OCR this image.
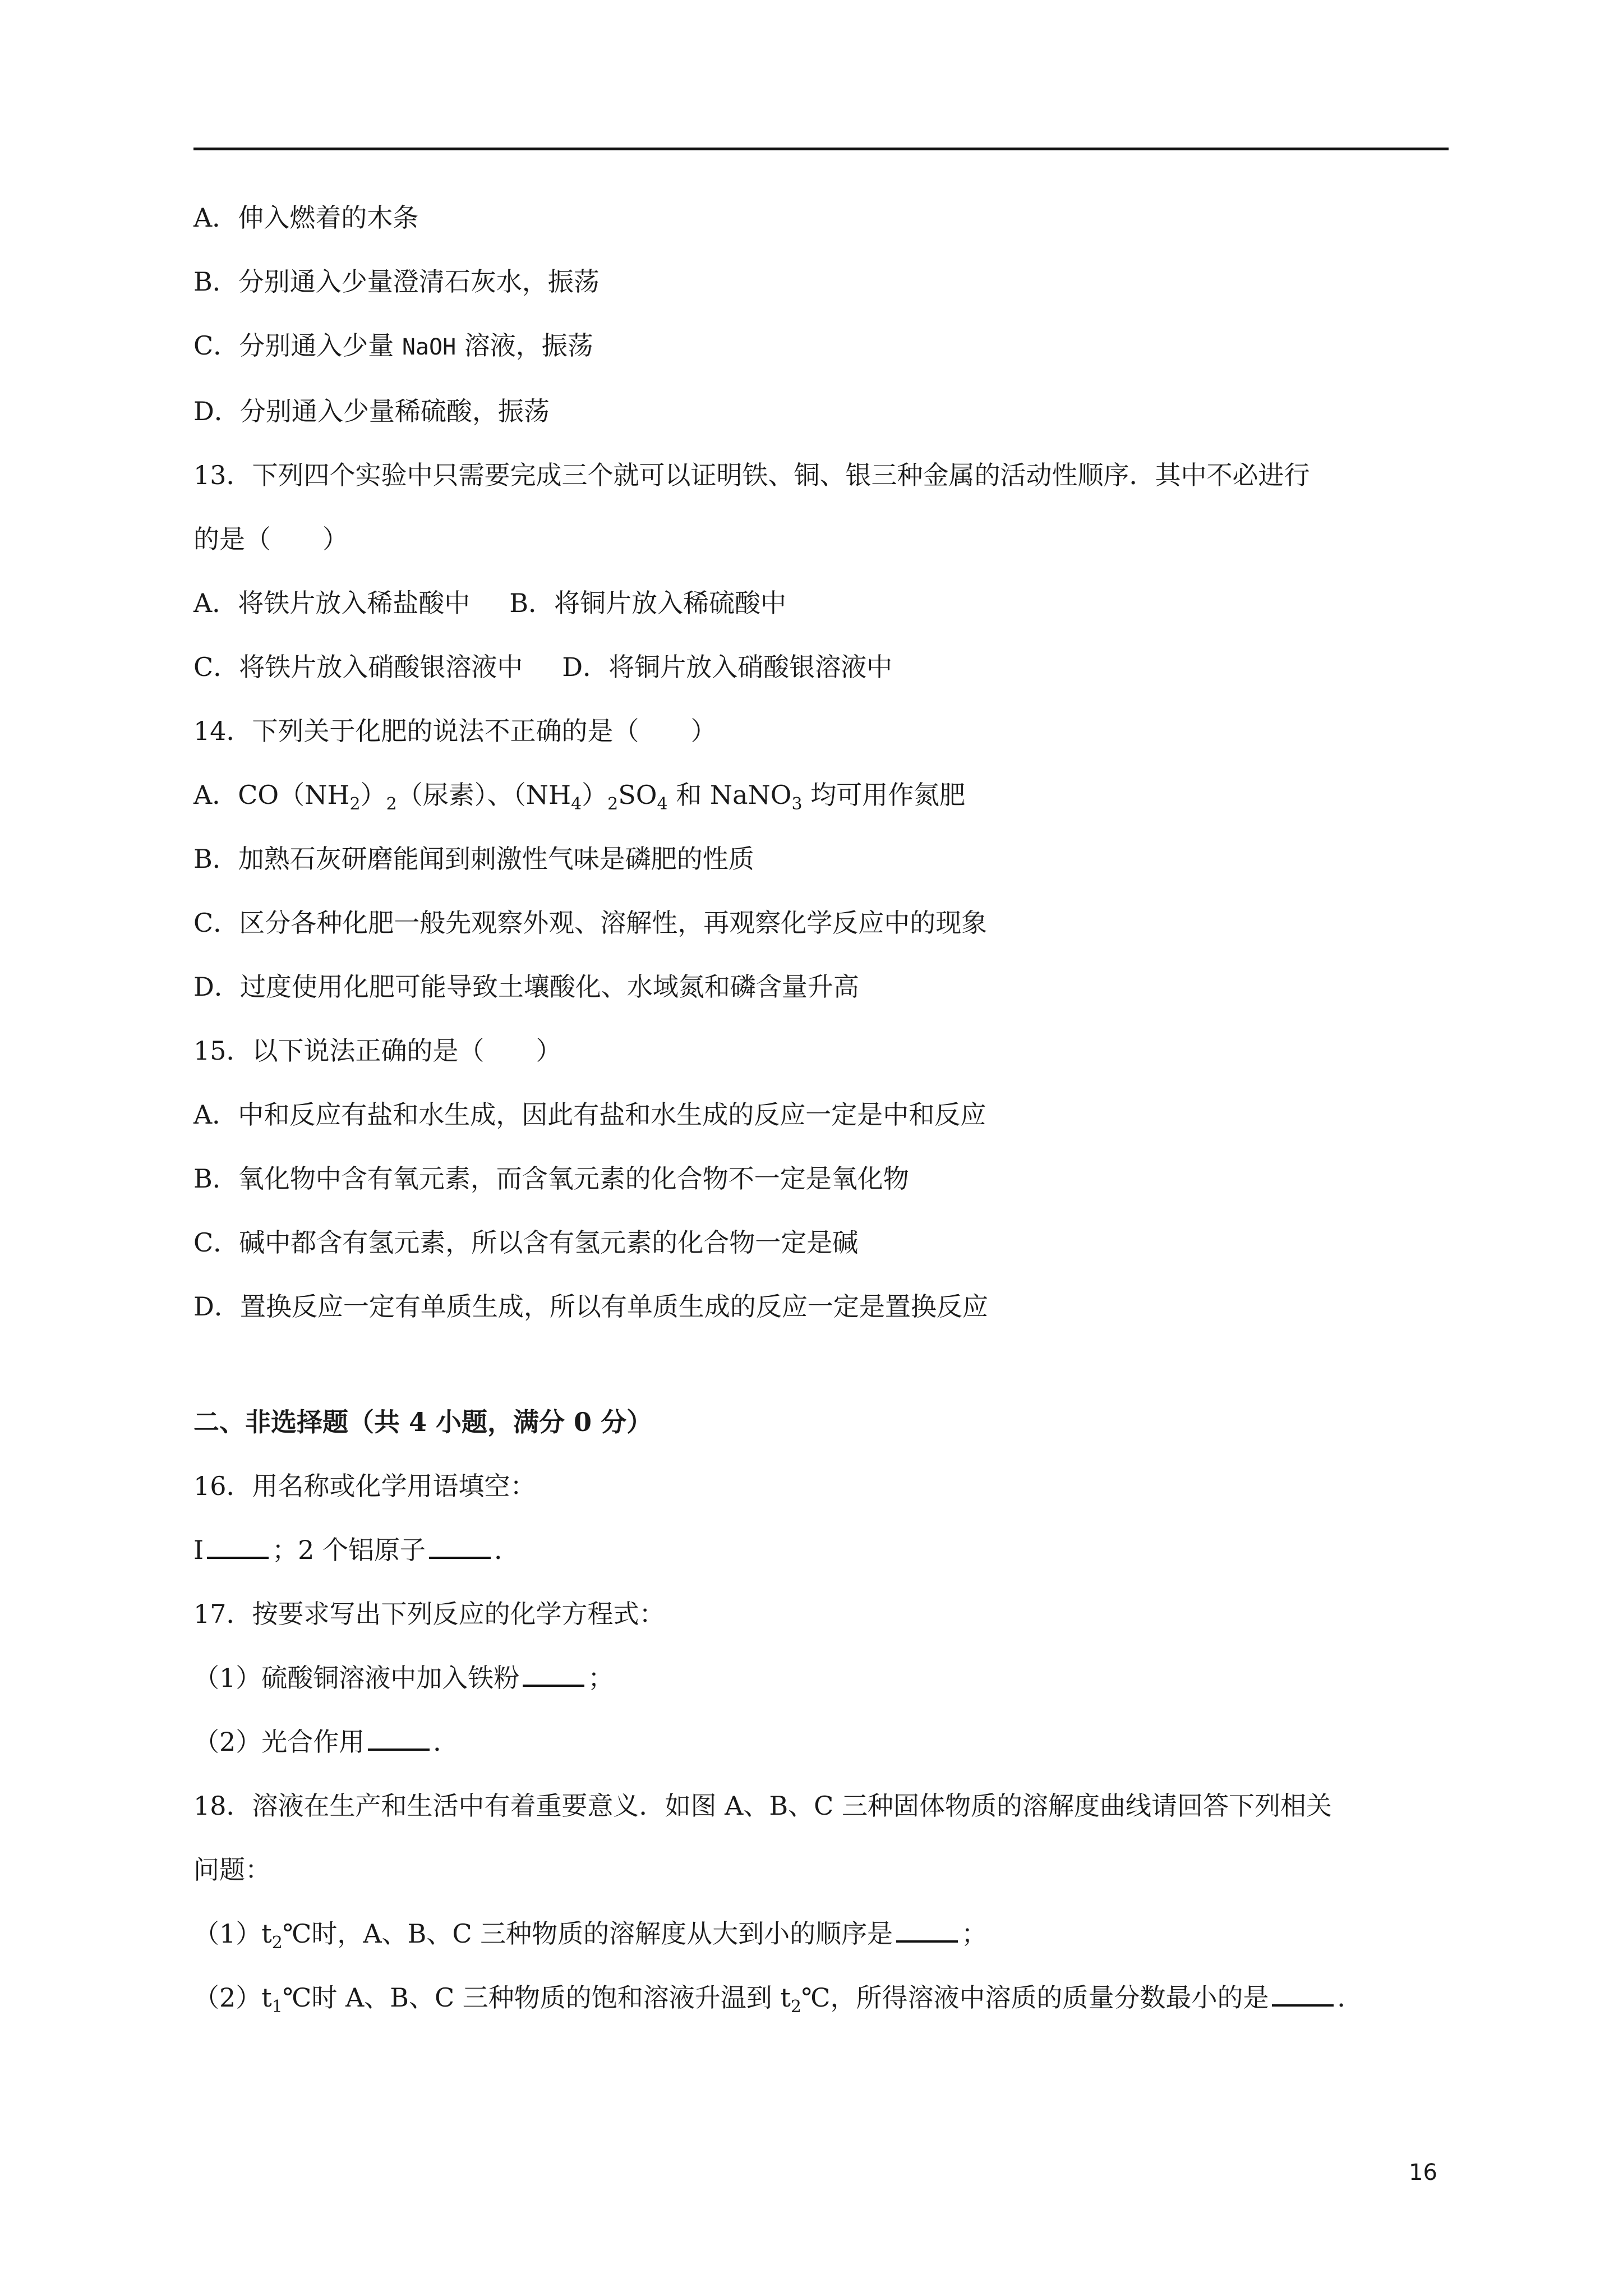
A．伸入燃着的木条
B．分别通入少量澄清石灰水，振荡
C．分别通入少量 NaOH 溶液，振荡
D．分别通入少量稀硫酸，振荡
13．下列四个实验中只需要完成三个就可以证明铁、铜、银三种金属的活动性顺序．其中不必进行
的是（　　）
A．将铁片放入稀盐酸中 B．将铜片放入稀硫酸中
C．将铁片放入硝酸银溶液中 D．将铜片放入硝酸银溶液中
14．下列关于化肥的说法不正确的是（　　）
A．$CO(NH_2)_2$（尿素）、$(NH_4)_2SO_4$ 和 NaNO$_3$ 均可用作氮肥
B．加熟石灰研磨能闻到刺激性气味是磷肥的性质
C．区分各种化肥一般先观察外观、溶解性，再观察化学反应中的现象
D．过度使用化肥可能导致土壤酸化、水域氮和磷含量升高
15．以下说法正确的是（　　）
A．中和反应有盐和水生成，因此有盐和水生成的反应一定是中和反应
B．氧化物中含有氧元素，而含氧元素的化合物不一定是氧化物
C．碱中都含有氢元素，所以含有氢元素的化合物一定是碱
D．置换反应一定有单质生成，所以有单质生成的反应一定是置换反应
二、非选择题（共 4 小题，满分 0 分）
16．用名称或化学用语填空：
I	；2 个铝原子	．
17．按要求写出下列反应的化学方程式：
（1）硫酸铜溶液中加入铁粉	；
（2）光合作用	．
18．溶液在生产和生活中有着重要意义．如图 A、B、C 三种固体物质的溶解度曲线请回答下列相关
问题：
$(1)t_2℃$时，A、B、C 三种物质的溶解度从大到小的顺序是	；
$(2)t_1℃$时 A、B、C 三种物质的饱和溶液升温到 $t_2℃$，所得溶液中溶质的质量分数最小的是	．
16
